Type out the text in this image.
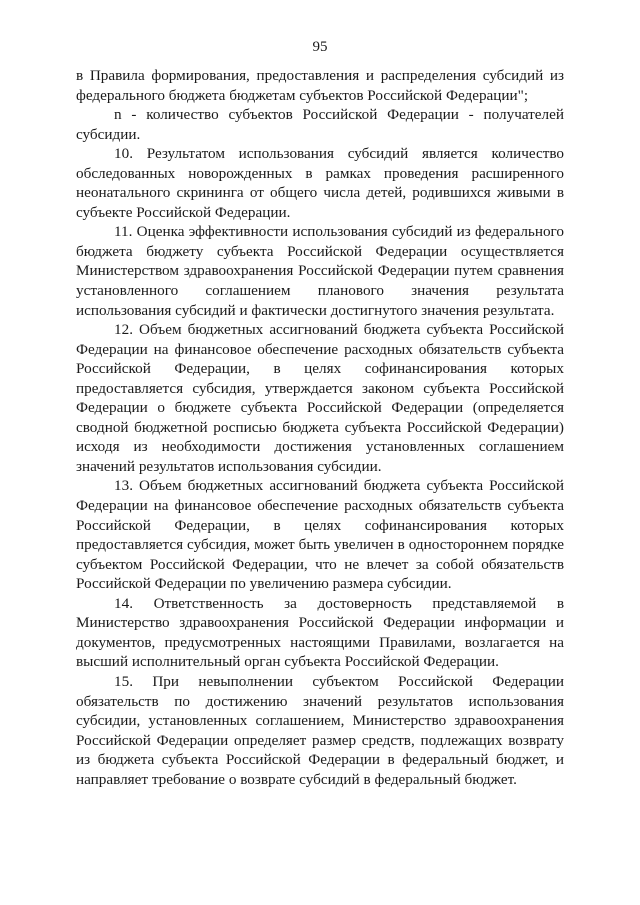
95

в Правила формирования, предоставления и распределения субсидий из федерального бюджета бюджетам субъектов Российской Федерации";

n - количество субъектов Российской Федерации - получателей субсидии.

10. Результатом использования субсидий является количество обследованных новорожденных в рамках проведения расширенного неонатального скрининга от общего числа детей, родившихся живыми в субъекте Российской Федерации.

11. Оценка эффективности использования субсидий из федерального бюджета бюджету субъекта Российской Федерации осуществляется Министерством здравоохранения Российской Федерации путем сравнения установленного соглашением планового значения результата использования субсидий и фактически достигнутого значения результата.

12. Объем бюджетных ассигнований бюджета субъекта Российской Федерации на финансовое обеспечение расходных обязательств субъекта Российской Федерации, в целях софинансирования которых предоставляется субсидия, утверждается законом субъекта Российской Федерации о бюджете субъекта Российской Федерации (определяется сводной бюджетной росписью бюджета субъекта Российской Федерации) исходя из необходимости достижения установленных соглашением значений результатов использования субсидии.

13. Объем бюджетных ассигнований бюджета субъекта Российской Федерации на финансовое обеспечение расходных обязательств субъекта Российской Федерации, в целях софинансирования которых предоставляется субсидия, может быть увеличен в одностороннем порядке субъектом Российской Федерации, что не влечет за собой обязательств Российской Федерации по увеличению размера субсидии.

14. Ответственность за достоверность представляемой в Министерство здравоохранения Российской Федерации информации и документов, предусмотренных настоящими Правилами, возлагается на высший исполнительный орган субъекта Российской Федерации.

15. При невыполнении субъектом Российской Федерации обязательств по достижению значений результатов использования субсидии, установленных соглашением, Министерство здравоохранения Российской Федерации определяет размер средств, подлежащих возврату из бюджета субъекта Российской Федерации в федеральный бюджет, и направляет требование о возврате субсидий в федеральный бюджет.
